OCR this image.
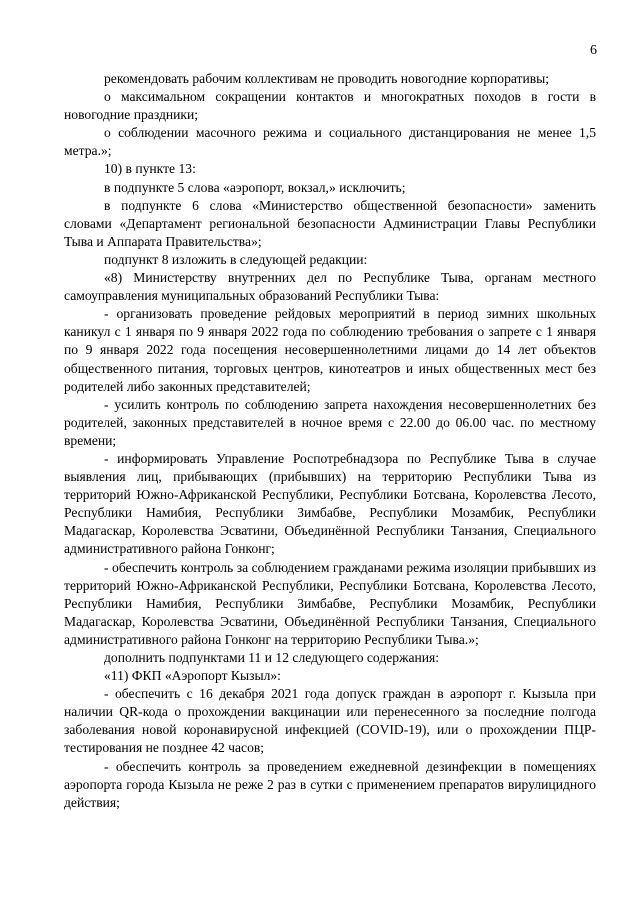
6

рекомендовать рабочим коллективам не проводить новогодние корпоративы;

о максимальном сокращении контактов и многократных походов в гости в новогодние праздники;

о соблюдении масочного режима и социального дистанцирования не менее 1,5 метра.»;

10) в пункте 13:

в подпункте 5 слова «аэропорт, вокзал,» исключить;

в подпункте 6 слова «Министерство общественной безопасности» заменить словами «Департамент региональной безопасности Администрации Главы Республики Тыва и Аппарата Правительства»;

подпункт 8 изложить в следующей редакции:

«8) Министерству внутренних дел по Республике Тыва, органам местного самоуправления муниципальных образований Республики Тыва:

- организовать проведение рейдовых мероприятий в период зимних школьных каникул с 1 января по 9 января 2022 года по соблюдению требования о запрете с 1 января по 9 января 2022 года посещения несовершеннолетними лицами до 14 лет объектов общественного питания, торговых центров, кинотеатров и иных общественных мест без родителей либо законных представителей;

- усилить контроль по соблюдению запрета нахождения несовершеннолетних без родителей, законных представителей в ночное время с 22.00 до 06.00 час. по местному времени;

- информировать Управление Роспотребнадзора по Республике Тыва в случае выявления лиц, прибывающих (прибывших) на территорию Республики Тыва из территорий Южно-Африканской Республики, Республики Ботсвана, Королевства Лесото, Республики Намибия, Республики Зимбабве, Республики Мозамбик, Республики Мадагаскар, Королевства Эсватини, Объединённой Республики Танзания, Специального административного района Гонконг;

- обеспечить контроль за соблюдением гражданами режима изоляции прибывших из территорий Южно-Африканской Республики, Республики Ботсвана, Королевства Лесото, Республики Намибия, Республики Зимбабве, Республики Мозамбик, Республики Мадагаскар, Королевства Эсватини, Объединённой Республики Танзания, Специального административного района Гонконг на территорию Республики Тыва.»;

дополнить подпунктами 11 и 12 следующего содержания:

«11) ФКП «Аэропорт Кызыл»:

- обеспечить с 16 декабря 2021 года допуск граждан в аэропорт г. Кызыла при наличии QR-кода о прохождении вакцинации или перенесенного за последние полгода заболевания новой коронавирусной инфекцией (COVID-19), или о прохождении ПЦР-тестирования не позднее 42 часов;

- обеспечить контроль за проведением ежедневной дезинфекции в помещениях аэропорта города Кызыла не реже 2 раз в сутки с применением препаратов вирулицидного действия;
